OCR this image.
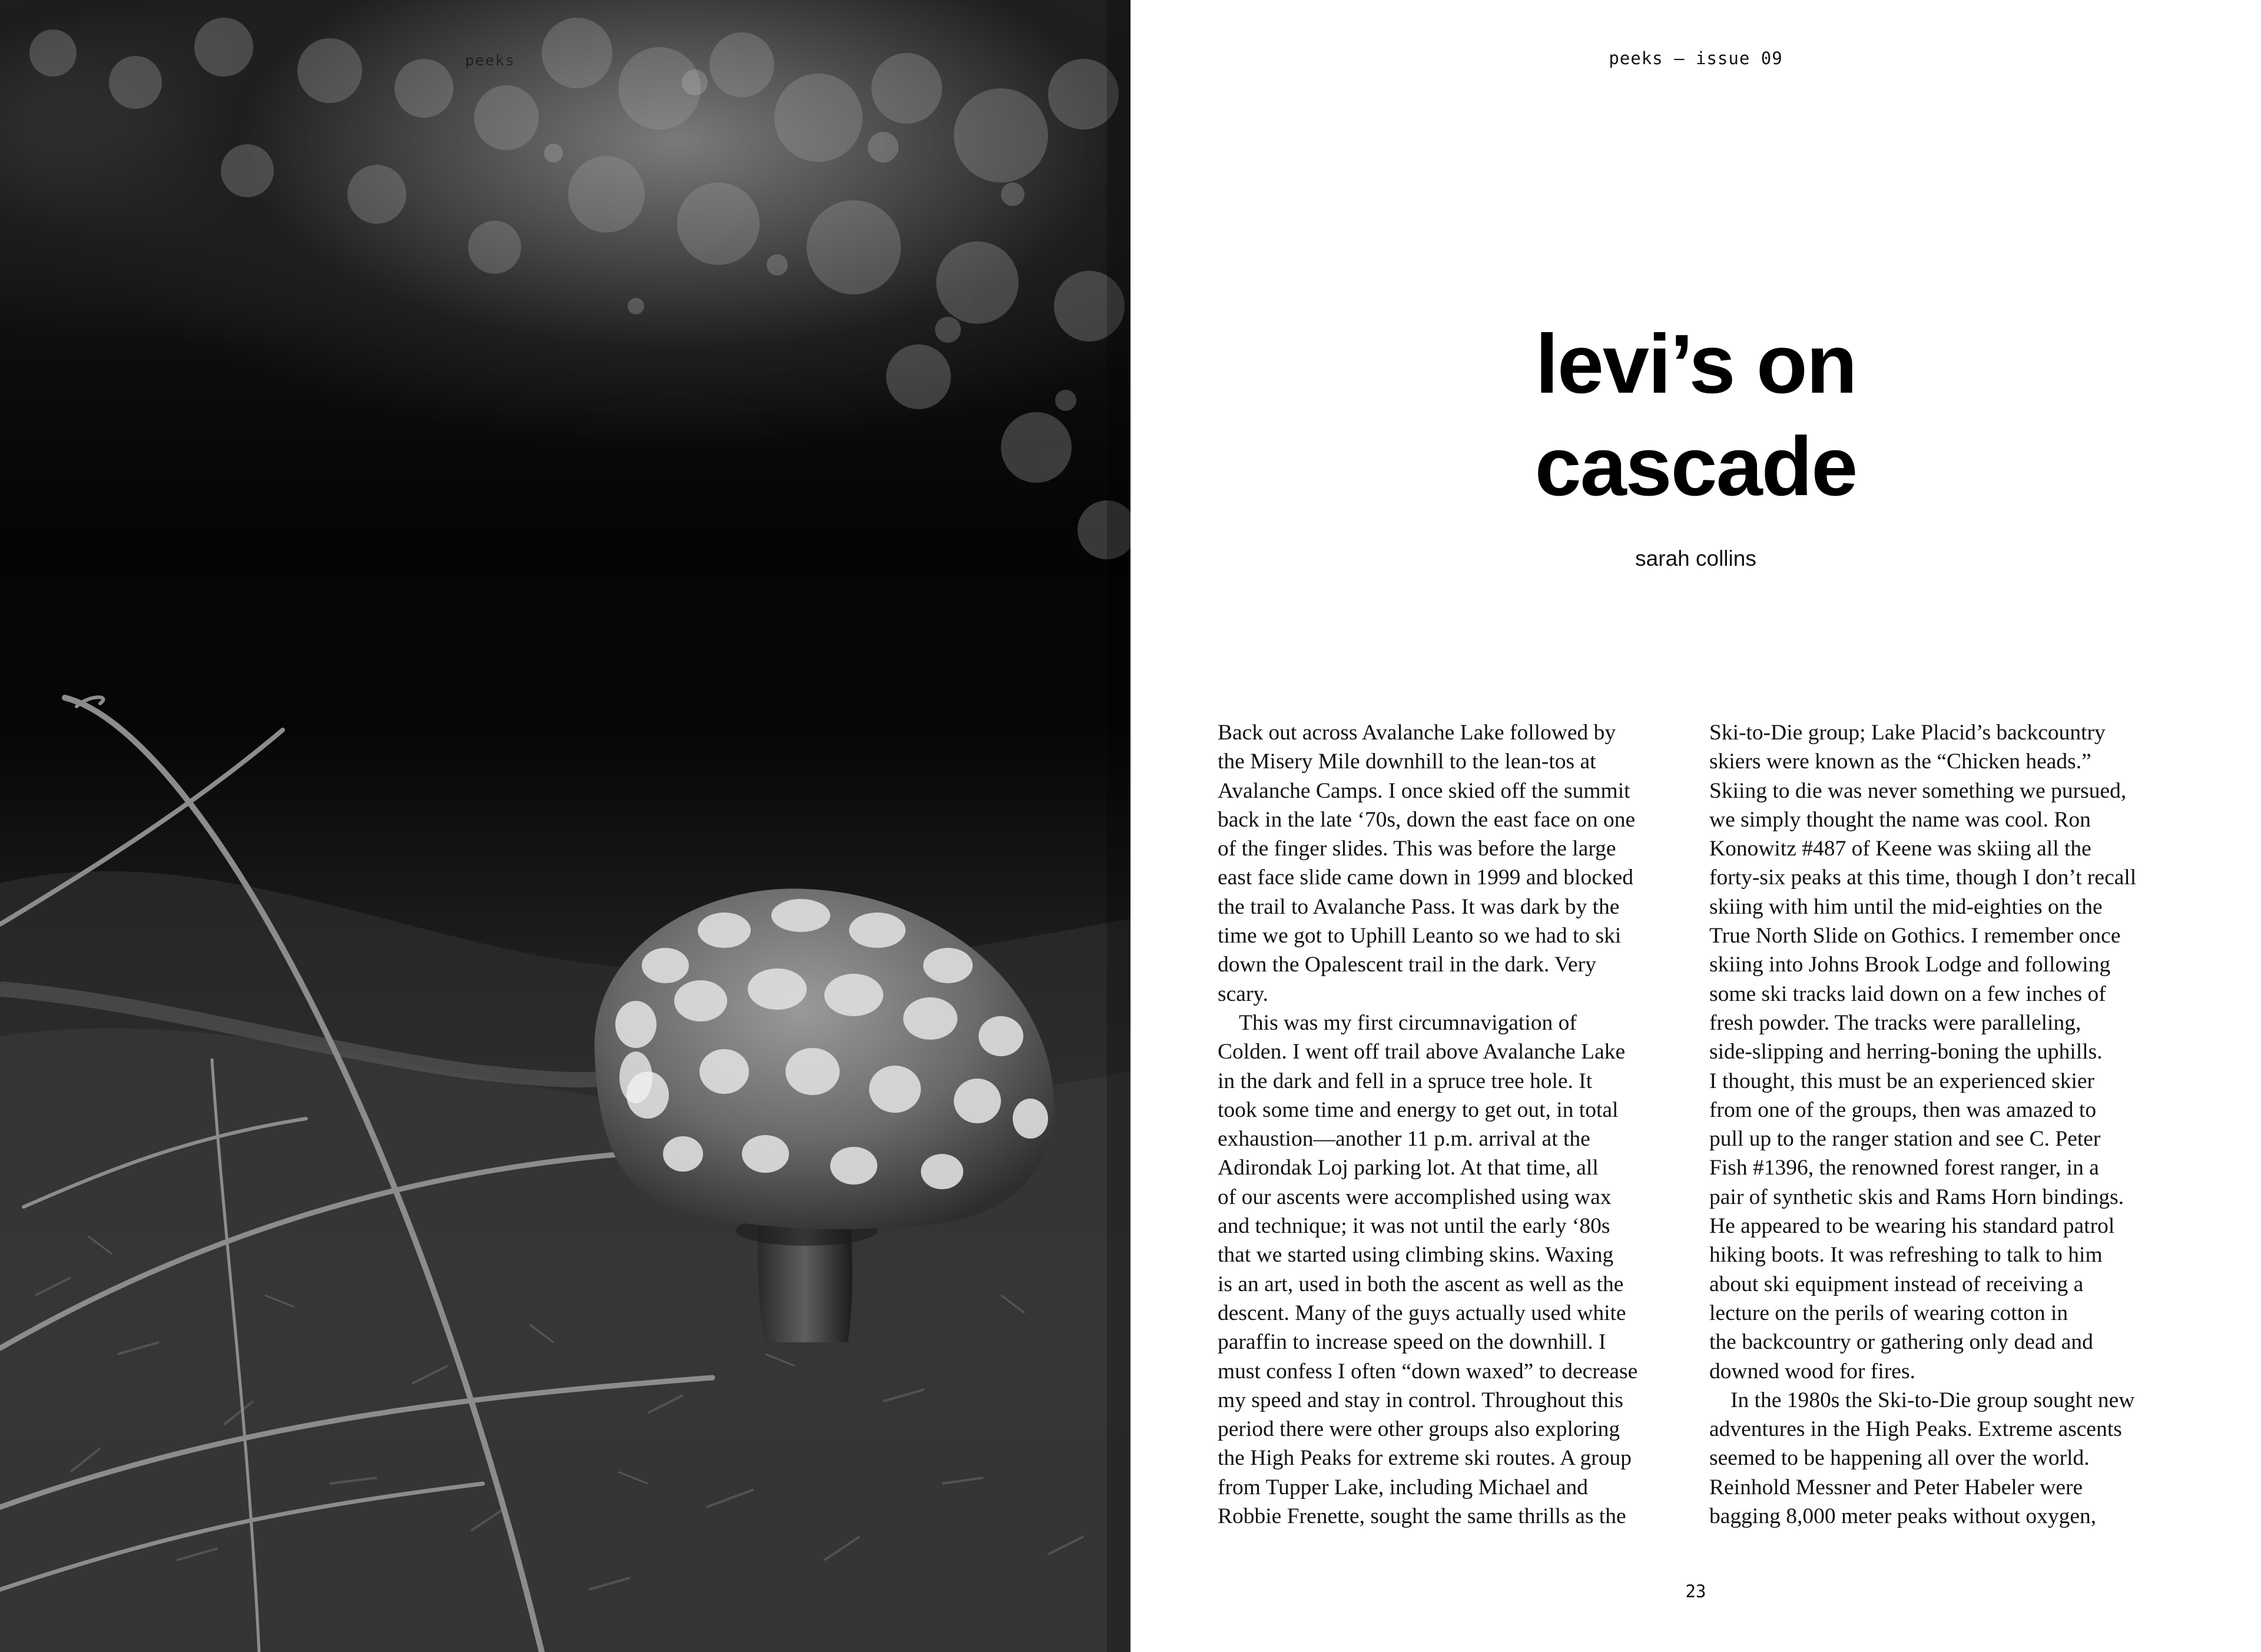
peeks	peeks – issue 09
levi’s on
cascade
sarah collins
Back out across Avalanche Lake followed by
the Misery Mile downhill to the lean-tos at
Avalanche Camps. I once skied off the summit
back in the late ‘70s, down the east face on one
of the finger slides. This was before the large
east face slide came down in 1999 and blocked
the trail to Avalanche Pass. It was dark by the
time we got to Uphill Leanto so we had to ski
down the Opalescent trail in the dark. Very
scary.
This was my first circumnavigation of
Colden. I went off trail above Avalanche Lake
in the dark and fell in a spruce tree hole. It
took some time and energy to get out, in total
exhaustion—another 11 p.m. arrival at the
Adirondak Loj parking lot. At that time, all
of our ascents were accomplished using wax
and technique; it was not until the early ‘80s
that we started using climbing skins. Waxing
is an art, used in both the ascent as well as the
descent. Many of the guys actually used white
paraffin to increase speed on the downhill. I
must confess I often “down waxed” to decrease
my speed and stay in control. Throughout this
period there were other groups also exploring
the High Peaks for extreme ski routes. A group
from Tupper Lake, including Michael and
Robbie Frenette, sought the same thrills as the
Ski-to-Die group; Lake Placid’s backcountry
skiers were known as the “Chicken heads.”
Skiing to die was never something we pursued,
we simply thought the name was cool. Ron
Konowitz #487 of Keene was skiing all the
forty-six peaks at this time, though I don’t recall
skiing with him until the mid-eighties on the
True North Slide on Gothics. I remember once
skiing into Johns Brook Lodge and following
some ski tracks laid down on a few inches of
fresh powder. The tracks were paralleling,
side-slipping and herring-boning the uphills.
I thought, this must be an experienced skier
from one of the groups, then was amazed to
pull up to the ranger station and see C. Peter
Fish #1396, the renowned forest ranger, in a
pair of synthetic skis and Rams Horn bindings.
He appeared to be wearing his standard patrol
hiking boots. It was refreshing to talk to him
about ski equipment instead of receiving a
lecture on the perils of wearing cotton in
the backcountry or gathering only dead and
downed wood for fires.
In the 1980s the Ski-to-Die group sought new
adventures in the High Peaks. Extreme ascents
seemed to be happening all over the world.
Reinhold Messner and Peter Habeler were
bagging 8,000 meter peaks without oxygen,
23
